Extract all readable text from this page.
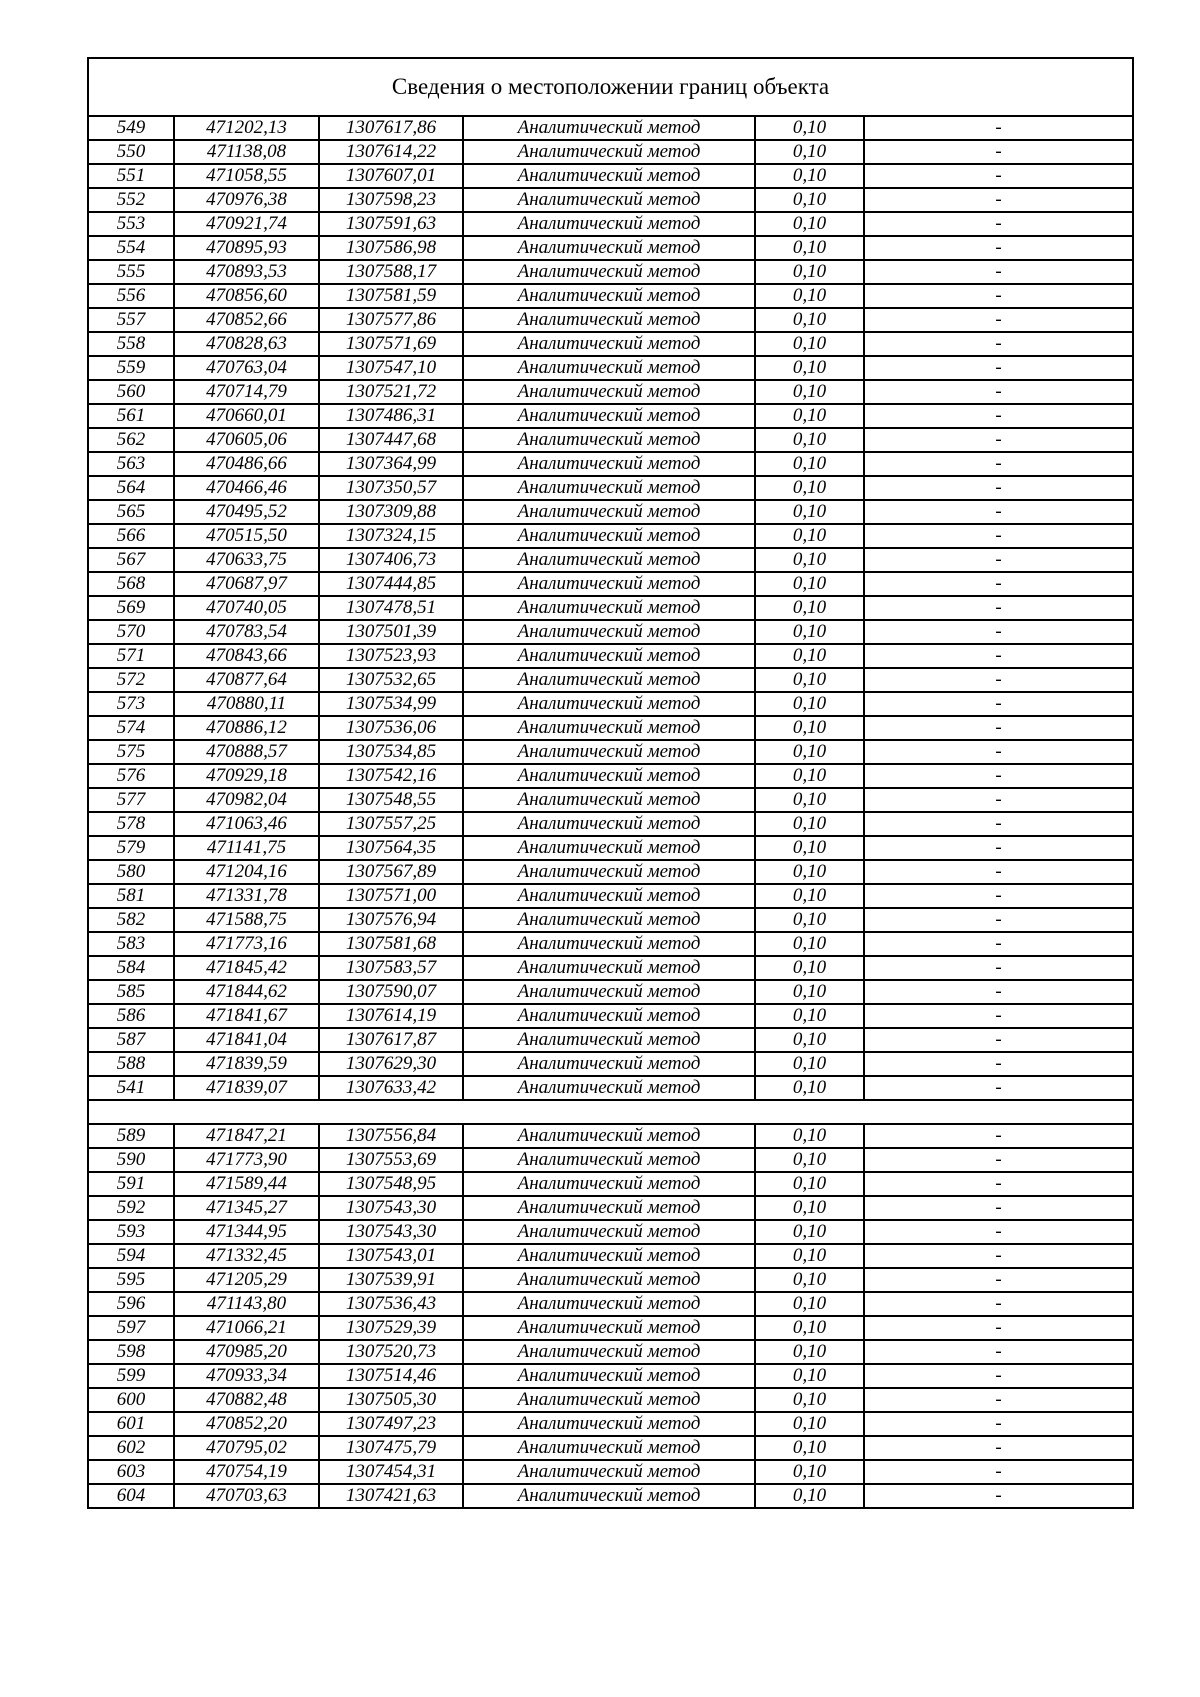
Сведения о местоположении границ объекта					
549	471202,13	1307617,86	Аналитический метод	0,10	-
550	471138,08	1307614,22	Аналитический метод	0,10	-
551	471058,55	1307607,01	Аналитический метод	0,10	-
552	470976,38	1307598,23	Аналитический метод	0,10	-
553	470921,74	1307591,63	Аналитический метод	0,10	-
554	470895,93	1307586,98	Аналитический метод	0,10	-
555	470893,53	1307588,17	Аналитический метод	0,10	-
556	470856,60	1307581,59	Аналитический метод	0,10	-
557	470852,66	1307577,86	Аналитический метод	0,10	-
558	470828,63	1307571,69	Аналитический метод	0,10	-
559	470763,04	1307547,10	Аналитический метод	0,10	-
560	470714,79	1307521,72	Аналитический метод	0,10	-
561	470660,01	1307486,31	Аналитический метод	0,10	-
562	470605,06	1307447,68	Аналитический метод	0,10	-
563	470486,66	1307364,99	Аналитический метод	0,10	-
564	470466,46	1307350,57	Аналитический метод	0,10	-
565	470495,52	1307309,88	Аналитический метод	0,10	-
566	470515,50	1307324,15	Аналитический метод	0,10	-
567	470633,75	1307406,73	Аналитический метод	0,10	-
568	470687,97	1307444,85	Аналитический метод	0,10	-
569	470740,05	1307478,51	Аналитический метод	0,10	-
570	470783,54	1307501,39	Аналитический метод	0,10	-
571	470843,66	1307523,93	Аналитический метод	0,10	-
572	470877,64	1307532,65	Аналитический метод	0,10	-
573	470880,11	1307534,99	Аналитический метод	0,10	-
574	470886,12	1307536,06	Аналитический метод	0,10	-
575	470888,57	1307534,85	Аналитический метод	0,10	-
576	470929,18	1307542,16	Аналитический метод	0,10	-
577	470982,04	1307548,55	Аналитический метод	0,10	-
578	471063,46	1307557,25	Аналитический метод	0,10	-
579	471141,75	1307564,35	Аналитический метод	0,10	-
580	471204,16	1307567,89	Аналитический метод	0,10	-
581	471331,78	1307571,00	Аналитический метод	0,10	-
582	471588,75	1307576,94	Аналитический метод	0,10	-
583	471773,16	1307581,68	Аналитический метод	0,10	-
584	471845,42	1307583,57	Аналитический метод	0,10	-
585	471844,62	1307590,07	Аналитический метод	0,10	-
586	471841,67	1307614,19	Аналитический метод	0,10	-
587	471841,04	1307617,87	Аналитический метод	0,10	-
588	471839,59	1307629,30	Аналитический метод	0,10	-
541	471839,07	1307633,42	Аналитический метод	0,10	-

589	471847,21	1307556,84	Аналитический метод	0,10	-
590	471773,90	1307553,69	Аналитический метод	0,10	-
591	471589,44	1307548,95	Аналитический метод	0,10	-
592	471345,27	1307543,30	Аналитический метод	0,10	-
593	471344,95	1307543,30	Аналитический метод	0,10	-
594	471332,45	1307543,01	Аналитический метод	0,10	-
595	471205,29	1307539,91	Аналитический метод	0,10	-
596	471143,80	1307536,43	Аналитический метод	0,10	-
597	471066,21	1307529,39	Аналитический метод	0,10	-
598	470985,20	1307520,73	Аналитический метод	0,10	-
599	470933,34	1307514,46	Аналитический метод	0,10	-
600	470882,48	1307505,30	Аналитический метод	0,10	-
601	470852,20	1307497,23	Аналитический метод	0,10	-
602	470795,02	1307475,79	Аналитический метод	0,10	-
603	470754,19	1307454,31	Аналитический метод	0,10	-
604	470703,63	1307421,63	Аналитический метод	0,10	-
